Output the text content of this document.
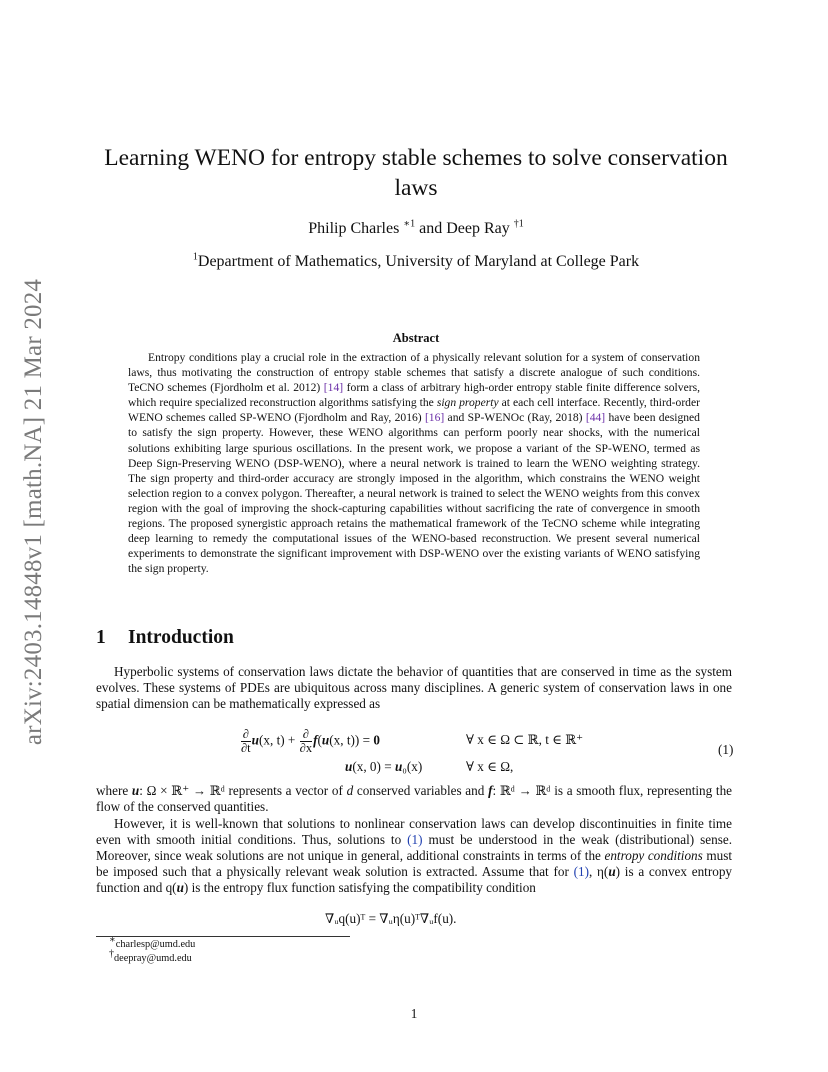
arXiv:2403.14848v1 [math.NA] 21 Mar 2024
Learning WENO for entropy stable schemes to solve conservation laws
Philip Charles $^{∗1}$ and Deep Ray $^{\dagger 1}$
$^1$Department of Mathematics, University of Maryland at College Park
Abstract
Entropy conditions play a crucial role in the extraction of a physically relevant solution for a system of conservation laws, thus motivating the construction of entropy stable schemes that satisfy a discrete analogue of such conditions. TeCNO schemes (Fjordholm et al. 2012) [14] form a class of arbitrary high-order entropy stable finite difference solvers, which require specialized reconstruction algorithms satisfying the sign property at each cell interface. Recently, third-order WENO schemes called SP-WENO (Fjordholm and Ray, 2016) [16] and SP-WENOc (Ray, 2018) [44] have been designed to satisfy the sign property. However, these WENO algorithms can perform poorly near shocks, with the numerical solutions exhibiting large spurious oscillations. In the present work, we propose a variant of the SP-WENO, termed as Deep Sign-Preserving WENO (DSP-WENO), where a neural network is trained to learn the WENO weighting strategy. The sign property and third-order accuracy are strongly imposed in the algorithm, which constrains the WENO weight selection region to a convex polygon. Thereafter, a neural network is trained to select the WENO weights from this convex region with the goal of improving the shock-capturing capabilities without sacrificing the rate of convergence in smooth regions. The proposed synergistic approach retains the mathematical framework of the TeCNO scheme while integrating deep learning to remedy the computational issues of the WENO-based reconstruction. We present several numerical experiments to demonstrate the significant improvement with DSP-WENO over the existing variants of WENO satisfying the sign property.
1 Introduction
Hyperbolic systems of conservation laws dictate the behavior of quantities that are conserved in time as the system evolves. These systems of PDEs are ubiquitous across many disciplines. A generic system of conservation laws in one spatial dimension can be mathematically expressed as
$\frac{\partial}{\partial t} u(x$, $t) + \frac{\partial}{\partial x} f(u(x$, t)) = 0	∀ x ∈ Ω ⊂ ℝ, t ∈ ℝ⁺
u(x, 0) = u₀(x)	∀ x ∈ Ω,
(1)
where u: Ω × ℝ⁺ → ℝᵈ represents a vector of d conserved variables and f: ℝᵈ → ℝᵈ is a smooth flux, representing the flow of the conserved quantities.
However, it is well-known that solutions to nonlinear conservation laws can develop discontinuities in finite time even with smooth initial conditions. Thus, solutions to (1) must be understood in the weak (distributional) sense. Moreover, since weak solutions are not unique in general, additional constraints in terms of the entropy conditions must be imposed such that a physically relevant weak solution is extracted. Assume that for (1), η(u) is a convex entropy function and q(u) is the entropy flux function satisfying the compatibility condition
∇ᵤq(u)ᵀ = ∇ᵤη(u)ᵀ∇ᵤf(u).
∗charlesp@umd.edu
†deepray@umd.edu
1
